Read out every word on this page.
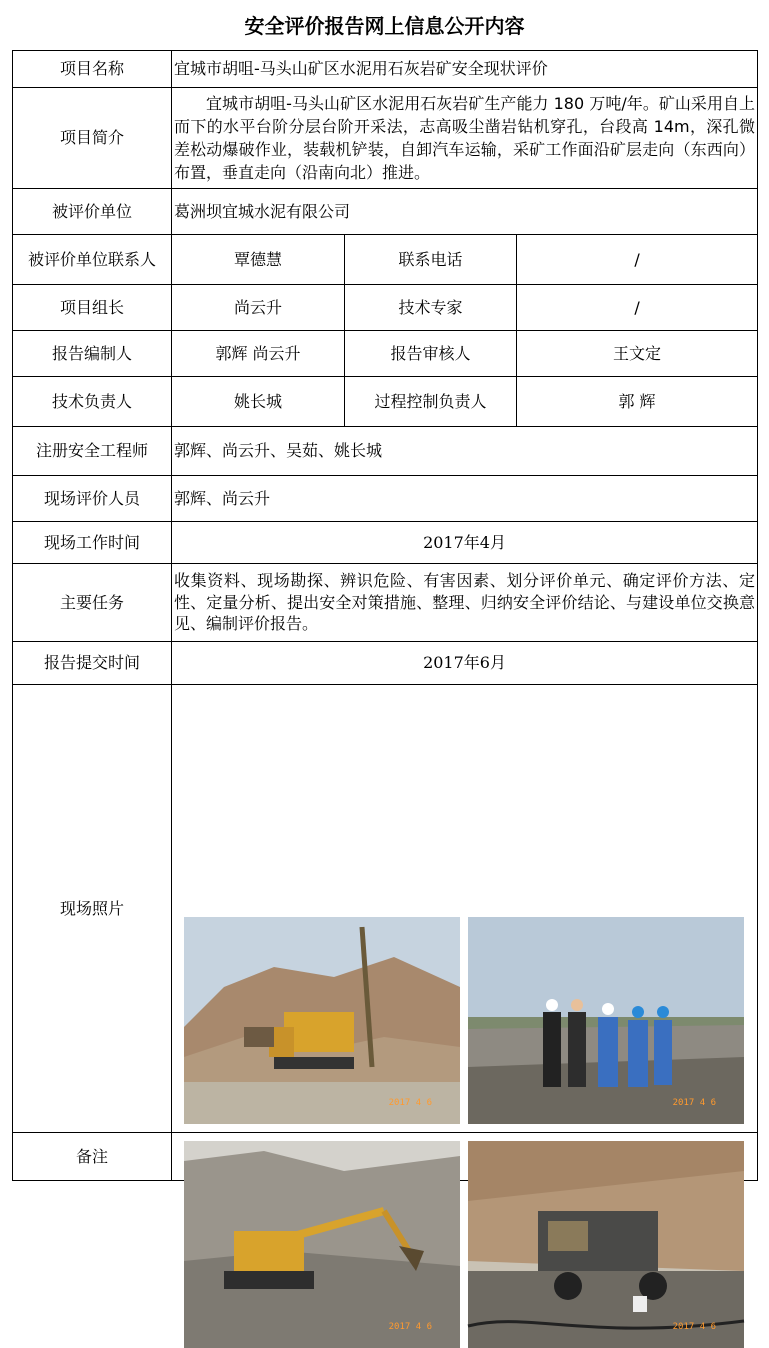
安全评价报告网上信息公开内容
项目名称	宜城市胡咀-马头山矿区水泥用石灰岩矿安全现状评价		
项目简介	宜城市胡咀-马头山矿区水泥用石灰岩矿生产能力 180 万吨/年。矿山采用自上而下的水平台阶分层台阶开采法，志高吸尘凿岩钻机穿孔，台段高 14m，深孔微差松动爆破作业，装载机铲装，自卸汽车运输，采矿工作面沿矿层走向（东西向）布置，垂直走向（沿南向北）推进。		

被评价单位	葛洲坝宜城水泥有限公司		
被评价单位联系人	覃德慧	联系电话	/
项目组长	尚云升	技术专家	/
报告编制人	郭辉 尚云升	报告审核人	王文定
技术负责人	姚长城	过程控制负责人	郭 辉
注册安全工程师	郭辉、尚云升、吴茹、姚长城		
现场评价人员	郭辉、尚云升		
现场工作时间	2017年4月		
主要任务	收集资料、现场勘探、辨识危险、有害因素、划分评价单元、确定评价方法、定性、定量分析、提出安全对策措施、整理、归纳安全评价结论、与建设单位交换意见、编制评价报告。		
报告提交时间	2017年6月		
现场照片	2017 4 6 2017 4 6
2017 4 6 2017 4 6		

备注			
